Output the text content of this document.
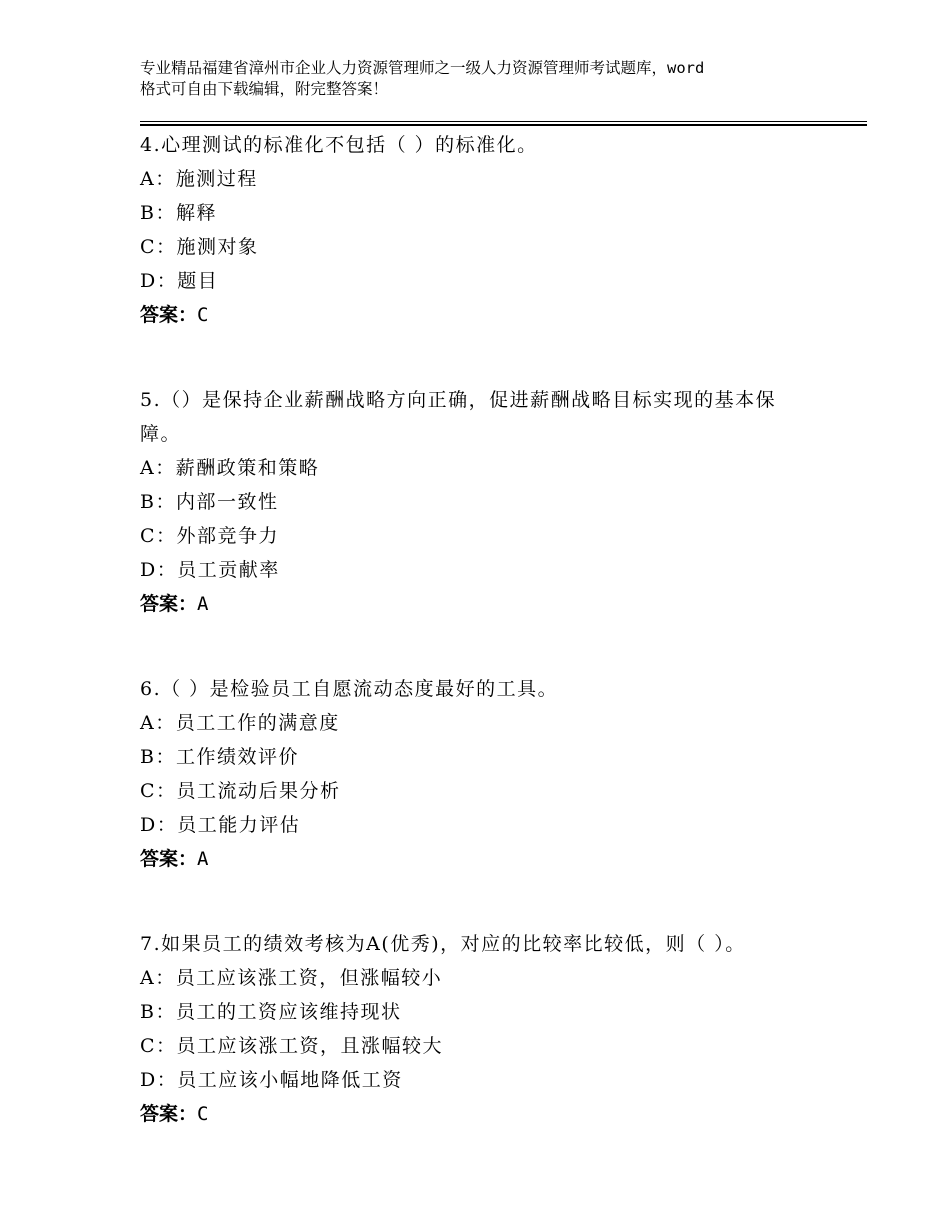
专业精品福建省漳州市企业人力资源管理师之一级人力资源管理师考试题库，word
格式可自由下载编辑，附完整答案！
4.心理测试的标准化不包括（ ）的标准化。
A：施测过程
B：解释
C：施测对象
D：题目
答案：C
5.（）是保持企业薪酬战略方向正确，促进薪酬战略目标实现的基本保障。
A：薪酬政策和策略
B：内部一致性
C：外部竞争力
D：员工贡献率
答案：A
6.（ ）是检验员工自愿流动态度最好的工具。
A：员工工作的满意度
B：工作绩效评价
C：员工流动后果分析
D：员工能力评估
答案：A
7.如果员工的绩效考核为A(优秀)，对应的比较率比较低，则（ ）。
A：员工应该涨工资，但涨幅较小
B：员工的工资应该维持现状
C：员工应该涨工资，且涨幅较大
D：员工应该小幅地降低工资
答案：C
